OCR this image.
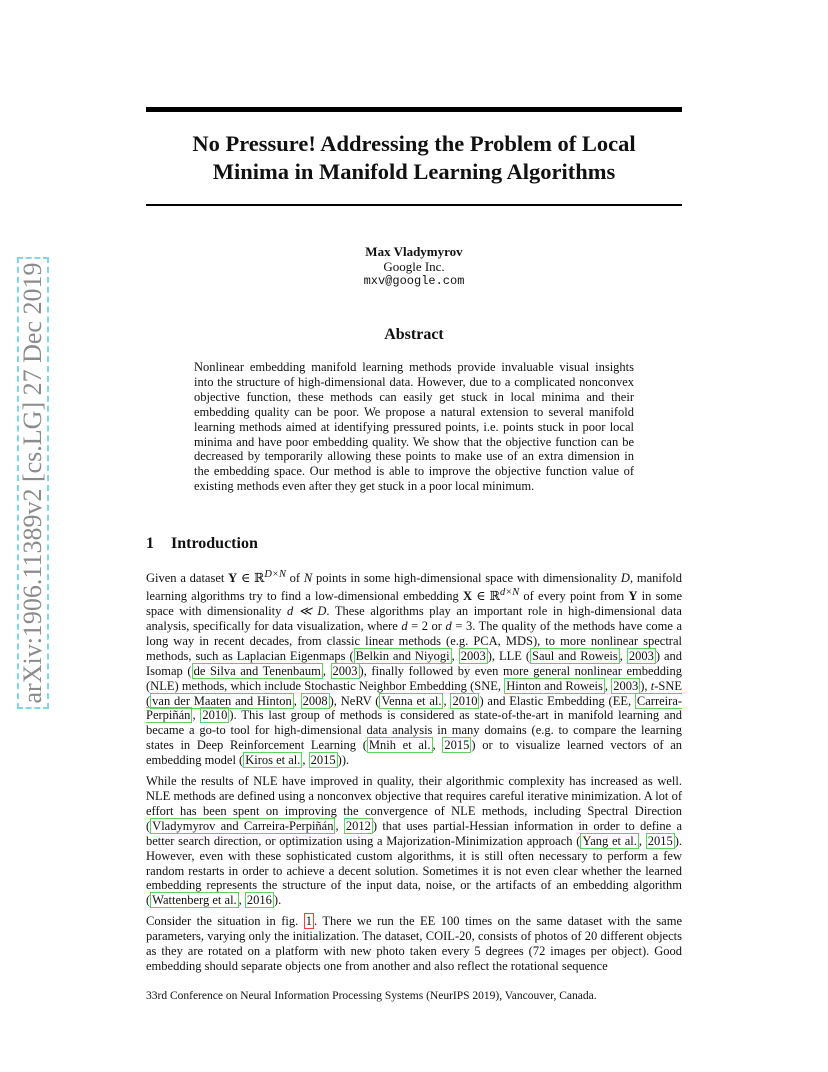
arXiv:1906.11389v2 [cs.LG] 27 Dec 2019
No Pressure! Addressing the Problem of Local
Minima in Manifold Learning Algorithms
Max Vladymyrov
Google Inc.
mxv@google.com
Abstract
Nonlinear embedding manifold learning methods provide invaluable visual insights into the structure of high-dimensional data. However, due to a complicated nonconvex objective function, these methods can easily get stuck in local minima and their embedding quality can be poor. We propose a natural extension to several manifold learning methods aimed at identifying pressured points, i.e. points stuck in poor local minima and have poor embedding quality. We show that the objective function can be decreased by temporarily allowing these points to make use of an extra dimension in the embedding space. Our method is able to improve the objective function value of existing methods even after they get stuck in a poor local minimum.
1 Introduction

Given a dataset Y ∈ ℝ$^{D\times N}$ of N points in some high-dimensional space with dimensionality D, manifold learning algorithms try to find a low-dimensional embedding X ∈ ℝ$^{d\times N}$ of every point from Y in some space with dimensionality d ≪ D. These algorithms play an important role in high-dimensional data analysis, specifically for data visualization, where d = 2 or d = 3. The quality of the methods have come a long way in recent decades, from classic linear methods (e.g. PCA, MDS), to more nonlinear spectral methods, such as Laplacian Eigenmaps ( Belkin and Niyogi , 2003 ), LLE ( Saul and Roweis , 2003 ) and Isomap ( de Silva and Tenenbaum , 2003 ), finally followed by even more general nonlinear embedding (NLE) methods, which include Stochastic Neighbor Embedding (SNE, Hinton and Roweis , 2003 ), t-SNE ( van der Maaten and Hinton , 2008 ), NeRV ( Venna et al. , 2010 ) and Elastic Embedding (EE, Carreira-Perpiñán , 2010 ). This last group of methods is considered as state-of-the-art in manifold learning and became a go-to tool for high-dimensional data analysis in many domains (e.g. to compare the learning states in Deep Reinforcement Learning ( Mnih et al. , 2015 ) or to visualize learned vectors of an embedding model ( Kiros et al. , 2015 )).

While the results of NLE have improved in quality, their algorithmic complexity has increased as well. NLE methods are defined using a nonconvex objective that requires careful iterative minimization. A lot of effort has been spent on improving the convergence of NLE methods, including Spectral Direction ( Vladymyrov and Carreira-Perpiñán , 2012 ) that uses partial-Hessian information in order to define a better search direction, or optimization using a Majorization-Minimization approach ( Yang et al. , 2015 ). However, even with these sophisticated custom algorithms, it is still often necessary to perform a few random restarts in order to achieve a decent solution. Sometimes it is not even clear whether the learned embedding represents the structure of the input data, noise, or the artifacts of an embedding algorithm ( Wattenberg et al. , 2016 ).

Consider the situation in fig. 1 . There we run the EE 100 times on the same dataset with the same parameters, varying only the initialization. The dataset, COIL-20, consists of photos of 20 different objects as they are rotated on a platform with new photo taken every 5 degrees (72 images per object). Good embedding should separate objects one from another and also reflect the rotational sequence

33rd Conference on Neural Information Processing Systems (NeurIPS 2019), Vancouver, Canada.
